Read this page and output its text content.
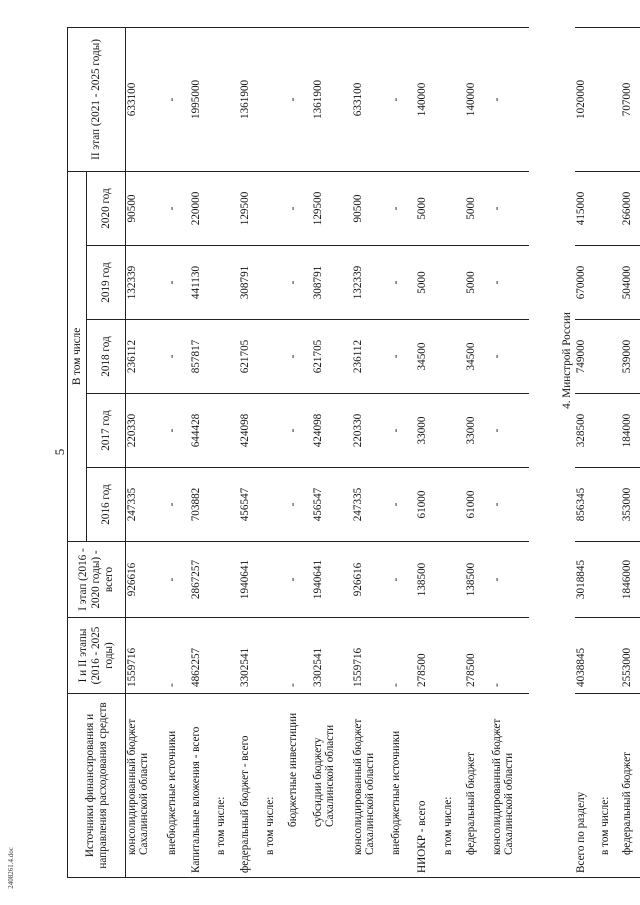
5
2408261.4.doc
Источники финансирования и направления расходования средств	I и II этапы (2016 - 2025 годы)	I этап (2016 - 2020 годы) - всего	В том числе					II этап (2021 - 2025 годы)
			2016 год	2017 год	2018 год	2019 год	2020 год	
консолидированный бюджет Сахалинской области	1559716	926616	247335	220330	236112	132339	90500	633100
внебюджетные источники	-	-	-	-	-	-	-	-
Капитальные вложения - всего	4862257	2867257	703882	644428	857817	441130	220000	1995000
в том числе:								
федеральный бюджет - всего	3302541	1940641	456547	424098	621705	308791	129500	1361900
в том числе:								
бюджетные инвестиции	-	-	-	-	-	-	-	-
субсидии бюджету Сахалинской области	3302541	1940641	456547	424098	621705	308791	129500	1361900
консолидированный бюджет Сахалинской области	1559716	926616	247335	220330	236112	132339	90500	633100
внебюджетные источники	-	-	-	-	-	-	-	-
НИОКР - всего	278500	138500	61000	33000	34500	5000	5000	140000
в том числе:								
федеральный бюджет	278500	138500	61000	33000	34500	5000	5000	140000
консолидированный бюджет Сахалинской области	-	-	-	-	-	-	-	-
	4. Минстрой России							
Всего по разделу	4038845	3018845	856345	328500	749000	670000	415000	1020000
в том числе:								
федеральный бюджет	2553000	1846000	353000	184000	539000	504000	266000	707000
